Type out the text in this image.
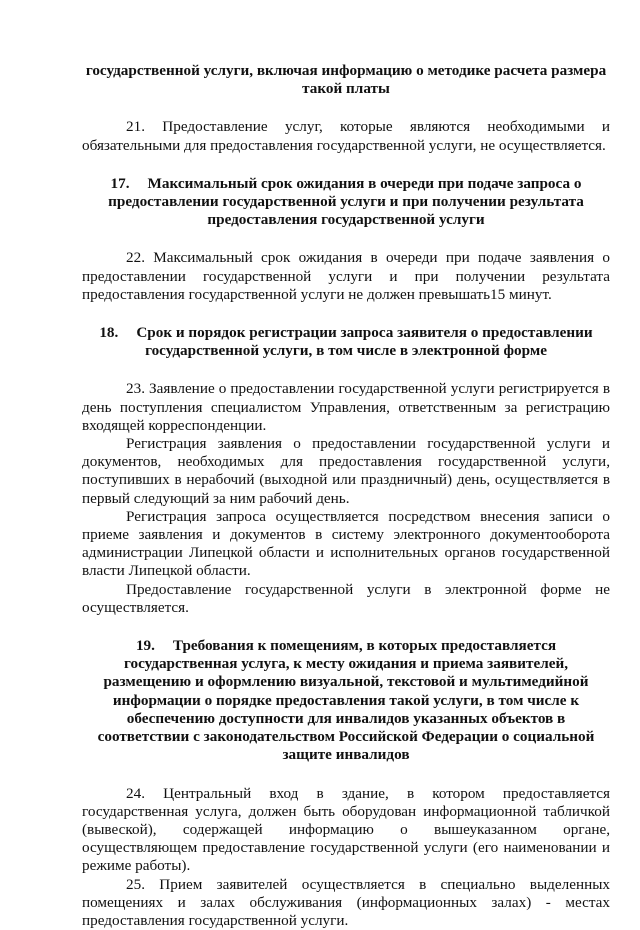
государственной услуги, включая информацию о методике расчета размера такой платы

21. Предоставление услуг, которые являются необходимыми и обязательными для предоставления государственной услуги, не осуществляется.

17. Максимальный срок ожидания в очереди при подаче запроса о предоставлении государственной услуги и при получении результата предоставления государственной услуги

22. Максимальный срок ожидания в очереди при подаче заявления о предоставлении государственной услуги и при получении результата предоставления государственной услуги не должен превышать15 минут.

18. Срок и порядок регистрации запроса заявителя о предоставлении государственной услуги, в том числе в электронной форме

23. Заявление о предоставлении государственной услуги регистрируется в день поступления специалистом Управления, ответственным за регистрацию входящей корреспонденции.

Регистрация заявления о предоставлении государственной услуги и документов, необходимых для предоставления государственной услуги, поступивших в нерабочий (выходной или праздничный) день, осуществляется в первый следующий за ним рабочий день.

Регистрация запроса осуществляется посредством внесения записи о приеме заявления и документов в систему электронного документооборота администрации Липецкой области и исполнительных органов государственной власти Липецкой области.

Предоставление государственной услуги в электронной форме не осуществляется.

19. Требования к помещениям, в которых предоставляется государственная услуга, к месту ожидания и приема заявителей, размещению и оформлению визуальной, текстовой и мультимедийной информации о порядке предоставления такой услуги, в том числе к обеспечению доступности для инвалидов указанных объектов в соответствии с законодательством Российской Федерации о социальной защите инвалидов

24. Центральный вход в здание, в котором предоставляется государственная услуга, должен быть оборудован информационной табличкой (вывеской), содержащей информацию о вышеуказанном органе, осуществляющем предоставление государственной услуги (его наименовании и режиме работы).

25. Прием заявителей осуществляется в специально выделенных помещениях и залах обслуживания (информационных залах) - местах предоставления государственной услуги.
